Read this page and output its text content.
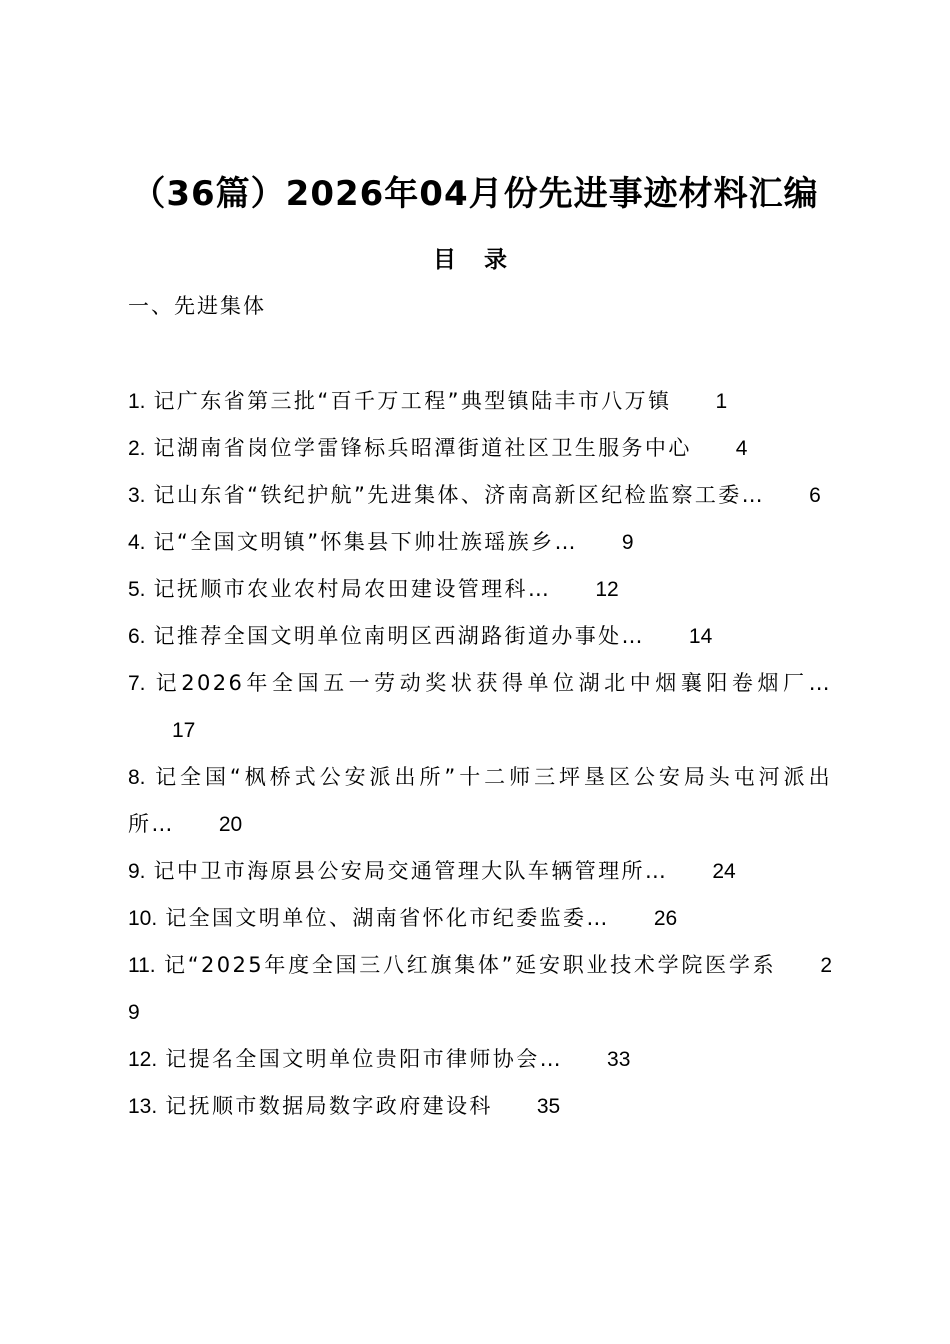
（36篇）2026年04月份先进事迹材料汇编
目 录
一、先进集体
1. 记广东省第三批“百千万工程”典型镇陆丰市八万镇 1
2. 记湖南省岗位学雷锋标兵昭潭街道社区卫生服务中心 4
3. 记山东省“铁纪护航”先进集体、济南高新区纪检监察工委… 6
4. 记“全国文明镇”怀集县下帅壮族瑶族乡… 9
5. 记抚顺市农业农村局农田建设管理科… 12
6. 记推荐全国文明单位南明区西湖路街道办事处… 14
7. 记2026年全国五一劳动奖状获得单位湖北中烟襄阳卷烟厂…17
8. 记全国“枫桥式公安派出所”十二师三坪垦区公安局头屯河派出所… 20
9. 记中卫市海原县公安局交通管理大队车辆管理所… 24
10. 记全国文明单位、湖南省怀化市纪委监委… 26
11. 记“2025年度全国三八红旗集体”延安职业技术学院医学系 29
12. 记提名全国文明单位贵阳市律师协会… 33
13. 记抚顺市数据局数字政府建设科 35
